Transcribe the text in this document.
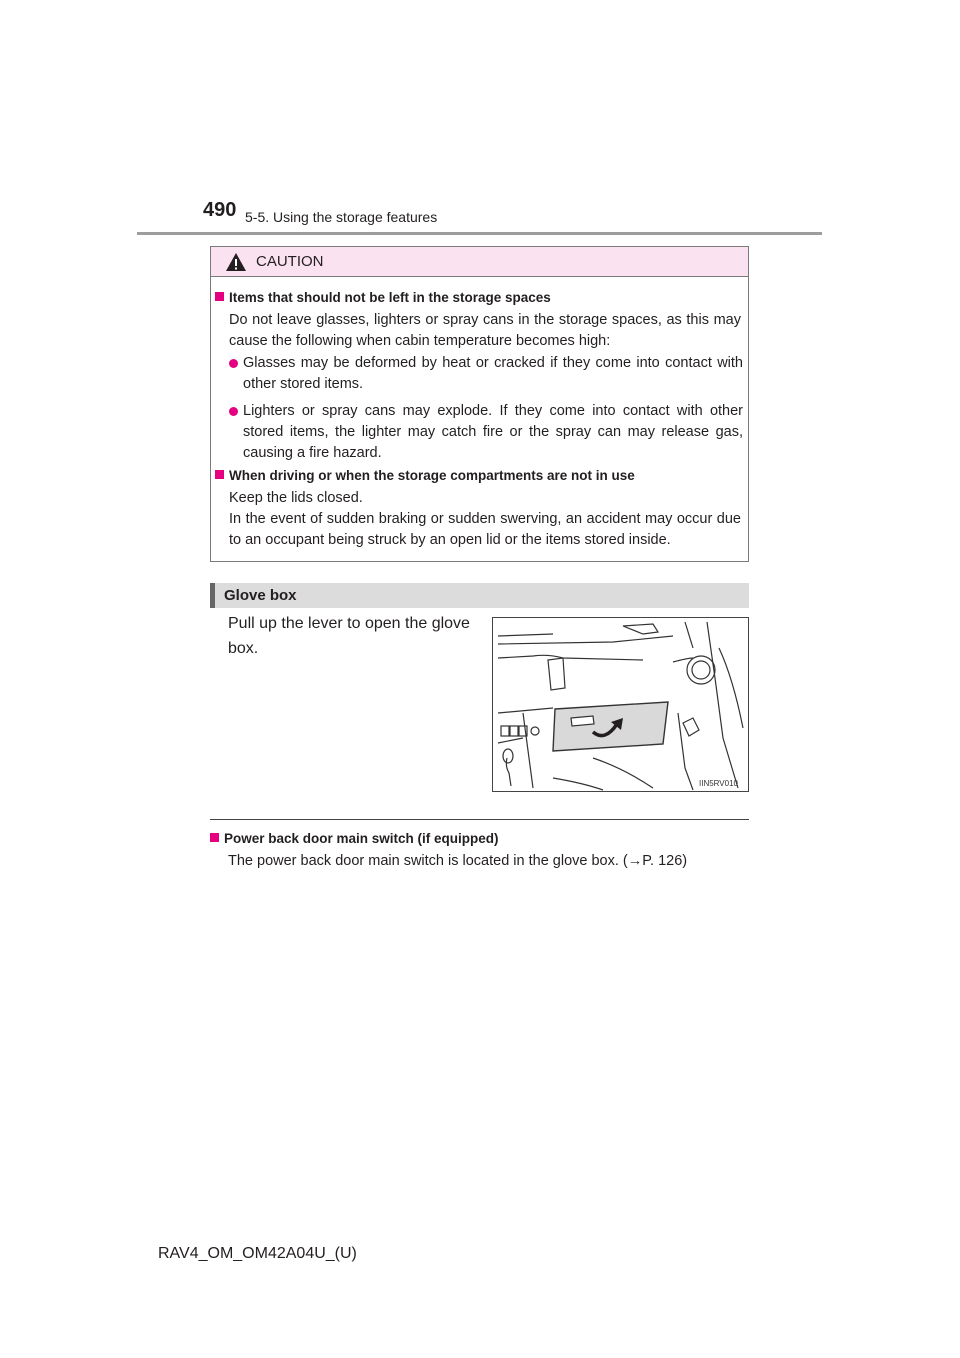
490 5-5. Using the storage features
CAUTION
Items that should not be left in the storage spaces
Do not leave glasses, lighters or spray cans in the storage spaces, as this may cause the following when cabin temperature becomes high:
Glasses may be deformed by heat or cracked if they come into contact with other stored items.
Lighters or spray cans may explode. If they come into contact with other stored items, the lighter may catch fire or the spray can may release gas, causing a fire hazard.
When driving or when the storage compartments are not in use
Keep the lids closed.
In the event of sudden braking or sudden swerving, an accident may occur due to an occupant being struck by an open lid or the items stored inside.
Glove box
Pull up the lever to open the glove box.
IIN5RV010
Power back door main switch (if equipped)
The power back door main switch is located in the glove box. (→P. 126)
RAV4_OM_OM42A04U_(U)
